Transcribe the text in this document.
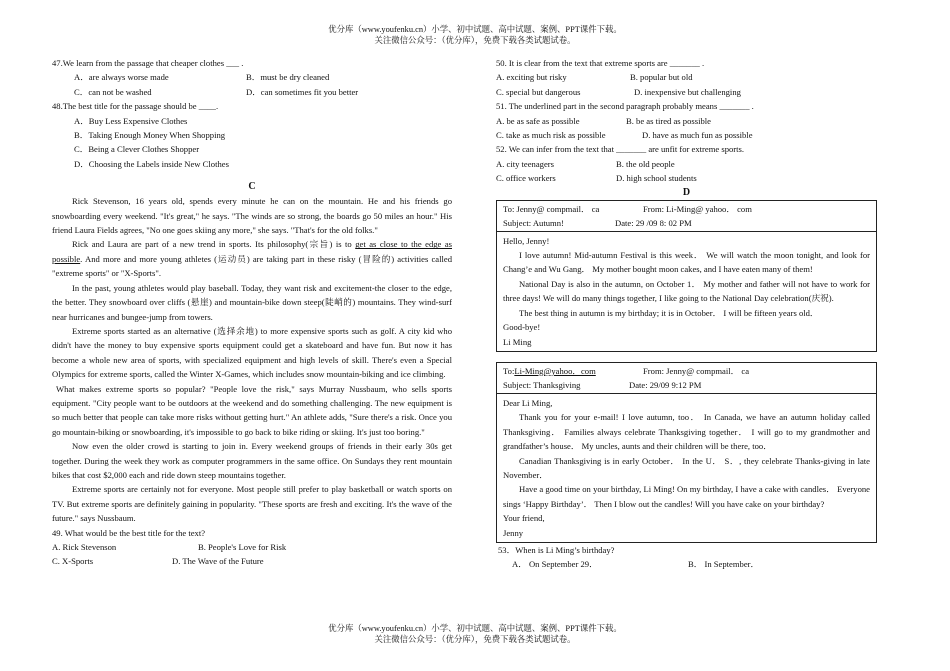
优分库（www.youfenku.cn）小学、初中试题、高中试题、案例、PPT课件下载。
关注微信公众号：（优分库），免费下载各类试题试卷。
47.We learn from the passage that cheaper clothes ___ .
A．are always worse made	B．must be dry cleaned
C．can not be washed	D．can sometimes fit you better
48.The best title for the passage should be ____.
A．Buy Less Expensive Clothes
B．Taking Enough Money When Shopping
C．Being a Clever Clothes Shopper
D．Choosing the Labels inside New Clothes
C

Rick Stevenson, 16 years old, spends every minute he can on the mountain. He and his friends go snowboarding every weekend. "It's great," he says. "The winds are so strong, the boards go 50 miles an hour." His friend Laura Fields agrees, "No one goes skiing any more," she says. "That's for the old folks."

Rick and Laura are part of a new trend in sports. Its philosophy(宗旨) is to get as close to the edge as possible. And more and more young athletes (运动员) are taking part in these risky (冒险的) activities called "extreme sports" or "X-Sports".

In the past, young athletes would play baseball. Today, they want risk and excitement-the closer to the edge, the better. They snowboard over cliffs (悬崖) and mountain-bike down steep(陡峭的) mountains. They wind-surf near hurricanes and bungee-jump from towers.

Extreme sports started as an alternative (选择余地) to more expensive sports such as golf. A city kid who didn't have the money to buy expensive sports equipment could get a skateboard and have fun. But now it has become a whole new area of sports, with specialized equipment and high levels of skill. There's even a Special Olympics for extreme sports, called the Winter X-Games, which includes snow mountain-biking and ice climbing.

What makes extreme sports so popular? "People love the risk," says Murray Nussbaum, who sells sports equipment. "City people want to be outdoors at the weekend and do something challenging. The new equipment is so much better that people can take more risks without getting hurt." An athlete adds, "Sure there's a risk. Once you go mountain-biking or snowboarding, it's impossible to go back to bike riding or skiing. It's just too boring."

Now even the older crowd is starting to join in. Every weekend groups of friends in their early 30s get together. During the week they work as computer programmers in the same office. On Sundays they rent mountain bikes that cost $2,000 each and ride down steep mountains together.

Extreme sports are certainly not for everyone. Most people still prefer to play basketball or watch sports on TV. But extreme sports are definitely gaining in popularity. "These sports are fresh and exciting. It's the wave of the future." says Nussbaum.

49. What would be the best title for the text?
A. Rick Stevenson	B. People's Love for Risk
C. X-Sports	D. The Wave of the Future
50. It is clear from the text that extreme sports are _______ .
A. exciting but risky	B. popular but old
C. special but dangerous	D. inexpensive but challenging
51. The underlined part in the second paragraph probably means _______ .
A. be as safe as possible	B. be as tired as possible
C. take as much risk as possible	D. have as much fun as possible
52. We can infer from the text that _______ are unfit for extreme sports.
A. city teenagers	B. the old people
C. office workers	D. high school students
D
To: Jenny@ compmail． ca	From: Li-Ming@ yahoo． com
Subject: Autumn!	Date: 29 /09 8: 02 PM
Hello, Jenny!

I love autumn! Mid-autumn Festival is this week． We will watch the moon tonight, and look for Chang’e and Wu Gang． My mother bought moon cakes, and I have eaten many of them!

National Day is also in the autumn, on October 1． My mother and father will not have to work for three days! We will do many things together, I like going to the National Day celebration(庆祝).

The best thing in autumn is my birthday; it is in October． I will be fifteen years old．

Good-bye!
Li Ming
To:Li-Ming@yahoo．com	From: Jenny@ compmail． ca
Subject: Thanksgiving	Date: 29/09 9:12 PM
Dear Li Ming,

Thank you for your e-mail! I love autumn, too． In Canada, we have an autumn holiday called Thanksgiving． Families always celebrate Thanksgiving together． I will go to my grandmother and grandfather’s house． My uncles, aunts and their children will be there, too．

Canadian Thanksgiving is in early October． In the U． S．, they celebrate Thanks-giving in late November．

Have a good time on your birthday, Li Ming! On my birthday, I have a cake with candles． Everyone sings ‘Happy Birthday’． Then I blow out the candles! Will you have cake on your birthday?

Your friend,
Jenny
53．When is Li Ming’s birthday?
A． On September 29．	B． In September．
优分库（www.youfenku.cn）小学、初中试题、高中试题、案例、PPT课件下载。
关注微信公众号：（优分库），免费下载各类试题试卷。
